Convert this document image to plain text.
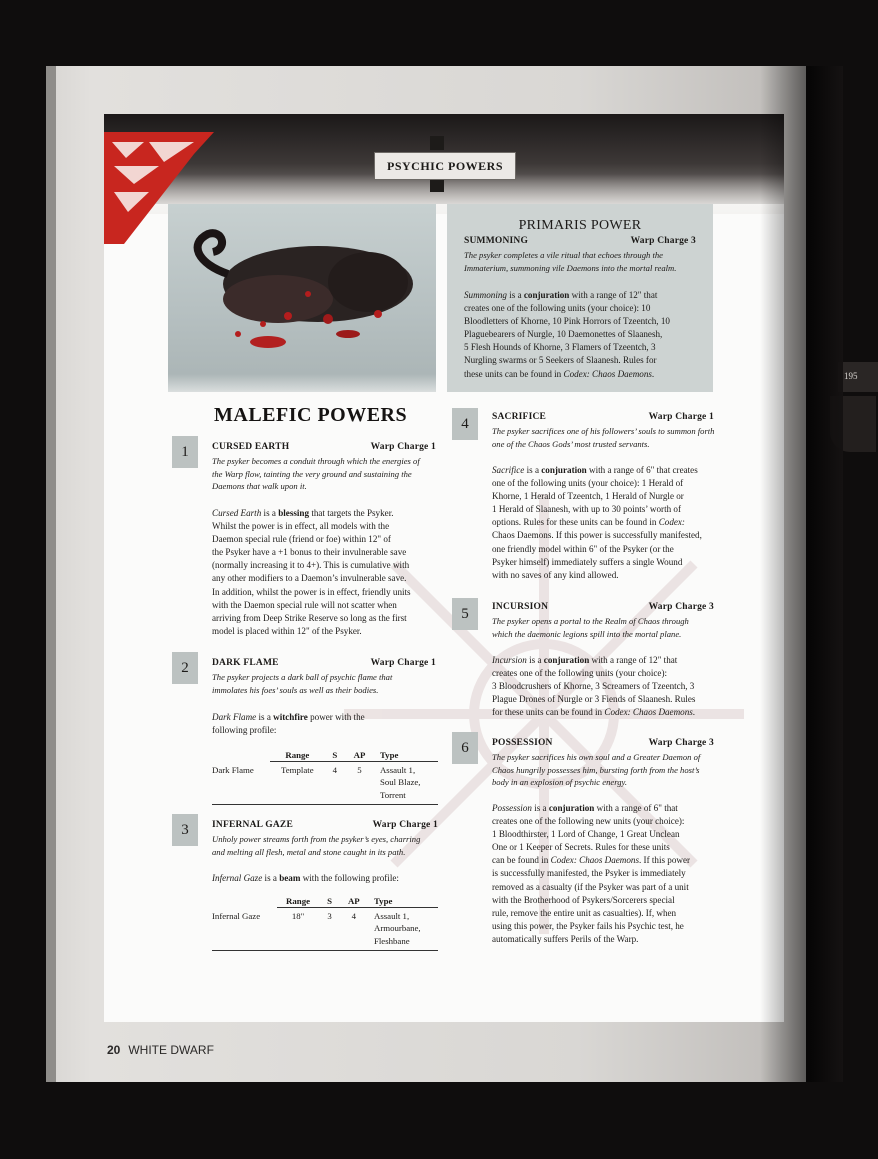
PSYCHIC POWERS
195
PRIMARIS POWER
SUMMONING	Warp Charge 3
The psyker completes a vile ritual that echoes through the
Immaterium, summoning vile Daemons into the mortal realm.
Summoning is a conjuration with a range of 12" that
creates one of the following units (your choice): 10
Bloodletters of Khorne, 10 Pink Horrors of Tzeentch, 10
Plaguebearers of Nurgle, 10 Daemonettes of Slaanesh,
5 Flesh Hounds of Khorne, 3 Flamers of Tzeentch, 3
Nurgling swarms or 5 Seekers of Slaanesh. Rules for
these units can be found in Codex: Chaos Daemons.
MALEFIC POWERS
1	CURSED EARTH	Warp Charge 1
The psyker becomes a conduit through which the energies of
the Warp flow, tainting the very ground and sustaining the
Daemons that walk upon it.
Cursed Earth is a blessing that targets the Psyker.
Whilst the power is in effect, all models with the
Daemon special rule (friend or foe) within 12" of
the Psyker have a +1 bonus to their invulnerable save
(normally increasing it to 4+). This is cumulative with
any other modifiers to a Daemon’s invulnerable save.
In addition, whilst the power is in effect, friendly units
with the Daemon special rule will not scatter when
arriving from Deep Strike Reserve so long as the first
model is placed within 12" of the Psyker.
2	DARK FLAME	Warp Charge 1
The psyker projects a dark ball of psychic flame that
immolates his foes’ souls as well as their bodies.
Dark Flame is a witchfire power with the
following profile:
	Range	S	AP	Type
Dark Flame	Template	4	5	Assault 1,
Soul Blaze,
Torrent
3	INFERNAL GAZE	Warp Charge 1
Unholy power streams forth from the psyker’s eyes, charring
and melting all flesh, metal and stone caught in its path.
Infernal Gaze is a beam with the following profile:
	Range	S	AP	Type
Infernal Gaze	18"	3	4	Assault 1,
Armourbane,
Fleshbane
4	SACRIFICE	Warp Charge 1
The psyker sacrifices one of his followers’ souls to summon forth
one of the Chaos Gods’ most trusted servants.
Sacrifice is a conjuration with a range of 6" that creates
one of the following units (your choice): 1 Herald of
Khorne, 1 Herald of Tzeentch, 1 Herald of Nurgle or
1 Herald of Slaanesh, with up to 30 points’ worth of
options. Rules for these units can be found in Codex:
Chaos Daemons. If this power is successfully manifested,
one friendly model within 6" of the Psyker (or the
Psyker himself) immediately suffers a single Wound
with no saves of any kind allowed.
5	INCURSION	Warp Charge 3
The psyker opens a portal to the Realm of Chaos through
which the daemonic legions spill into the mortal plane.
Incursion is a conjuration with a range of 12" that
creates one of the following units (your choice):
3 Bloodcrushers of Khorne, 3 Screamers of Tzeentch, 3
Plague Drones of Nurgle or 3 Fiends of Slaanesh. Rules
for these units can be found in Codex: Chaos Daemons.
6	POSSESSION	Warp Charge 3
The psyker sacrifices his own soul and a Greater Daemon of
Chaos hungrily possesses him, bursting forth from the host’s
body in an explosion of psychic energy.
Possession is a conjuration with a range of 6" that
creates one of the following new units (your choice):
1 Bloodthirster, 1 Lord of Change, 1 Great Unclean
One or 1 Keeper of Secrets. Rules for these units
can be found in Codex: Chaos Daemons. If this power
is successfully manifested, the Psyker is immediately
removed as a casualty (if the Psyker was part of a unit
with the Brotherhood of Psykers/Sorcerers special
rule, remove the entire unit as casualties). If, when
using this power, the Psyker fails his Psychic test, he
automatically suffers Perils of the Warp.
20 WHITE DWARF
